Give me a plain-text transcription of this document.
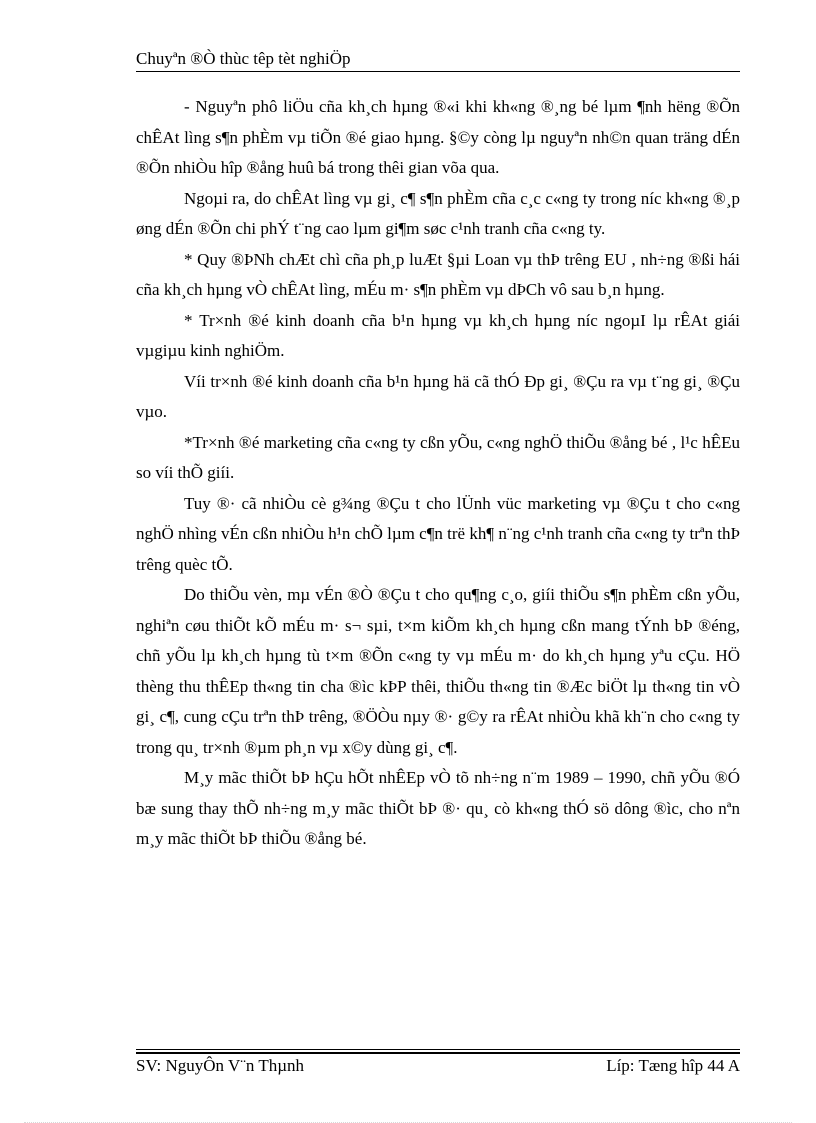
Chuyªn ®Ò thùc têp tèt nghiÖp

- Nguyªn phô liÖu cña kh¸ch hµng ®«i khi kh«ng ®¸ng bé lµm ¶nh hëng ®Õn chÊAt lìng s¶n phÈm vµ tiÕn ®é giao hµng. §©y còng lµ nguyªn nh©n quan träng dÉn ®Õn nhiÒu hîp ®ång huû bá trong thêi gian võa qua.

Ngoµi ra, do chÊAt lìng vµ gi¸ c¶ s¶n phÈm cña c¸c c«ng ty trong níc kh«ng ®¸p øng dÉn ®Õn chi phÝ t¨ng cao lµm gi¶m søc c¹nh tranh cña c«ng ty.

* Quy ®ÞNh chÆt chì cña ph¸p luÆt §µi Loan vµ thÞ trêng EU , nh÷ng ®ßi hái cña kh¸ch hµng vÒ chÊAt lìng, mÉu m· s¶n phÈm vµ dÞCh vô sau b¸n hµng.

* Tr×nh ®é kinh doanh cña b¹n hµng vµ kh¸ch hµng níc ngoµI lµ rÊAt giái vµgiµu kinh nghiÖm.

Víi tr×nh ®é kinh doanh cña b¹n hµng hä cã thÓ Ðp gi¸ ®Çu ra vµ t¨ng gi¸ ®Çu vµo.

*Tr×nh ®é marketing cña c«ng ty cßn yÕu, c«ng nghÖ thiÕu ®ång bé , l¹c hÊEu so víi thÕ giíi.

Tuy ®· cã nhiÒu cè g¾ng ®Çu t cho lÜnh vüc marketing vµ ®Çu t cho c«ng nghÖ nhìng vÉn cßn nhiÒu h¹n chÕ lµm c¶n trë kh¶ n¨ng c¹nh tranh cña c«ng ty trªn thÞ trêng quèc tÕ.

Do thiÕu vèn, mµ vÉn ®Ò ®Çu t cho qu¶ng c¸o, giíi thiÕu s¶n phÈm cßn yÕu, nghiªn cøu thiÕt kÕ mÉu m· s¬ sµi, t×m kiÕm kh¸ch hµng cßn mang tÝnh bÞ ®éng, chñ yÕu lµ kh¸ch hµng tù t×m ®Õn c«ng ty vµ mÉu m· do kh¸ch hµng yªu cÇu. HÖ thèng thu thÊEp th«ng tin cha ®ìc kÞP thêi, thiÕu th«ng tin ®Æc biÖt lµ th«ng tin vÒ gi¸ c¶, cung cÇu trªn thÞ trêng, ®ÖÒu nµy ®· g©y ra rÊAt nhiÒu khã kh¨n cho c«ng ty trong qu¸ tr×nh ®µm ph¸n vµ x©y dùng gi¸ c¶.

M¸y mãc thiÕt bÞ hÇu hÕt nhÊEp vÒ tõ nh÷ng n¨m 1989 – 1990, chñ yÕu ®Ó bæ sung thay thÕ nh÷ng m¸y mãc thiÕt bÞ ®· qu¸ cò kh«ng thÓ sö dông ®ìc, cho nªn m¸y mãc thiÕt bÞ thiÕu ®ång bé.

SV: NguyÔn V¨n Thµnh	Líp: Tæng hîp 44 A
